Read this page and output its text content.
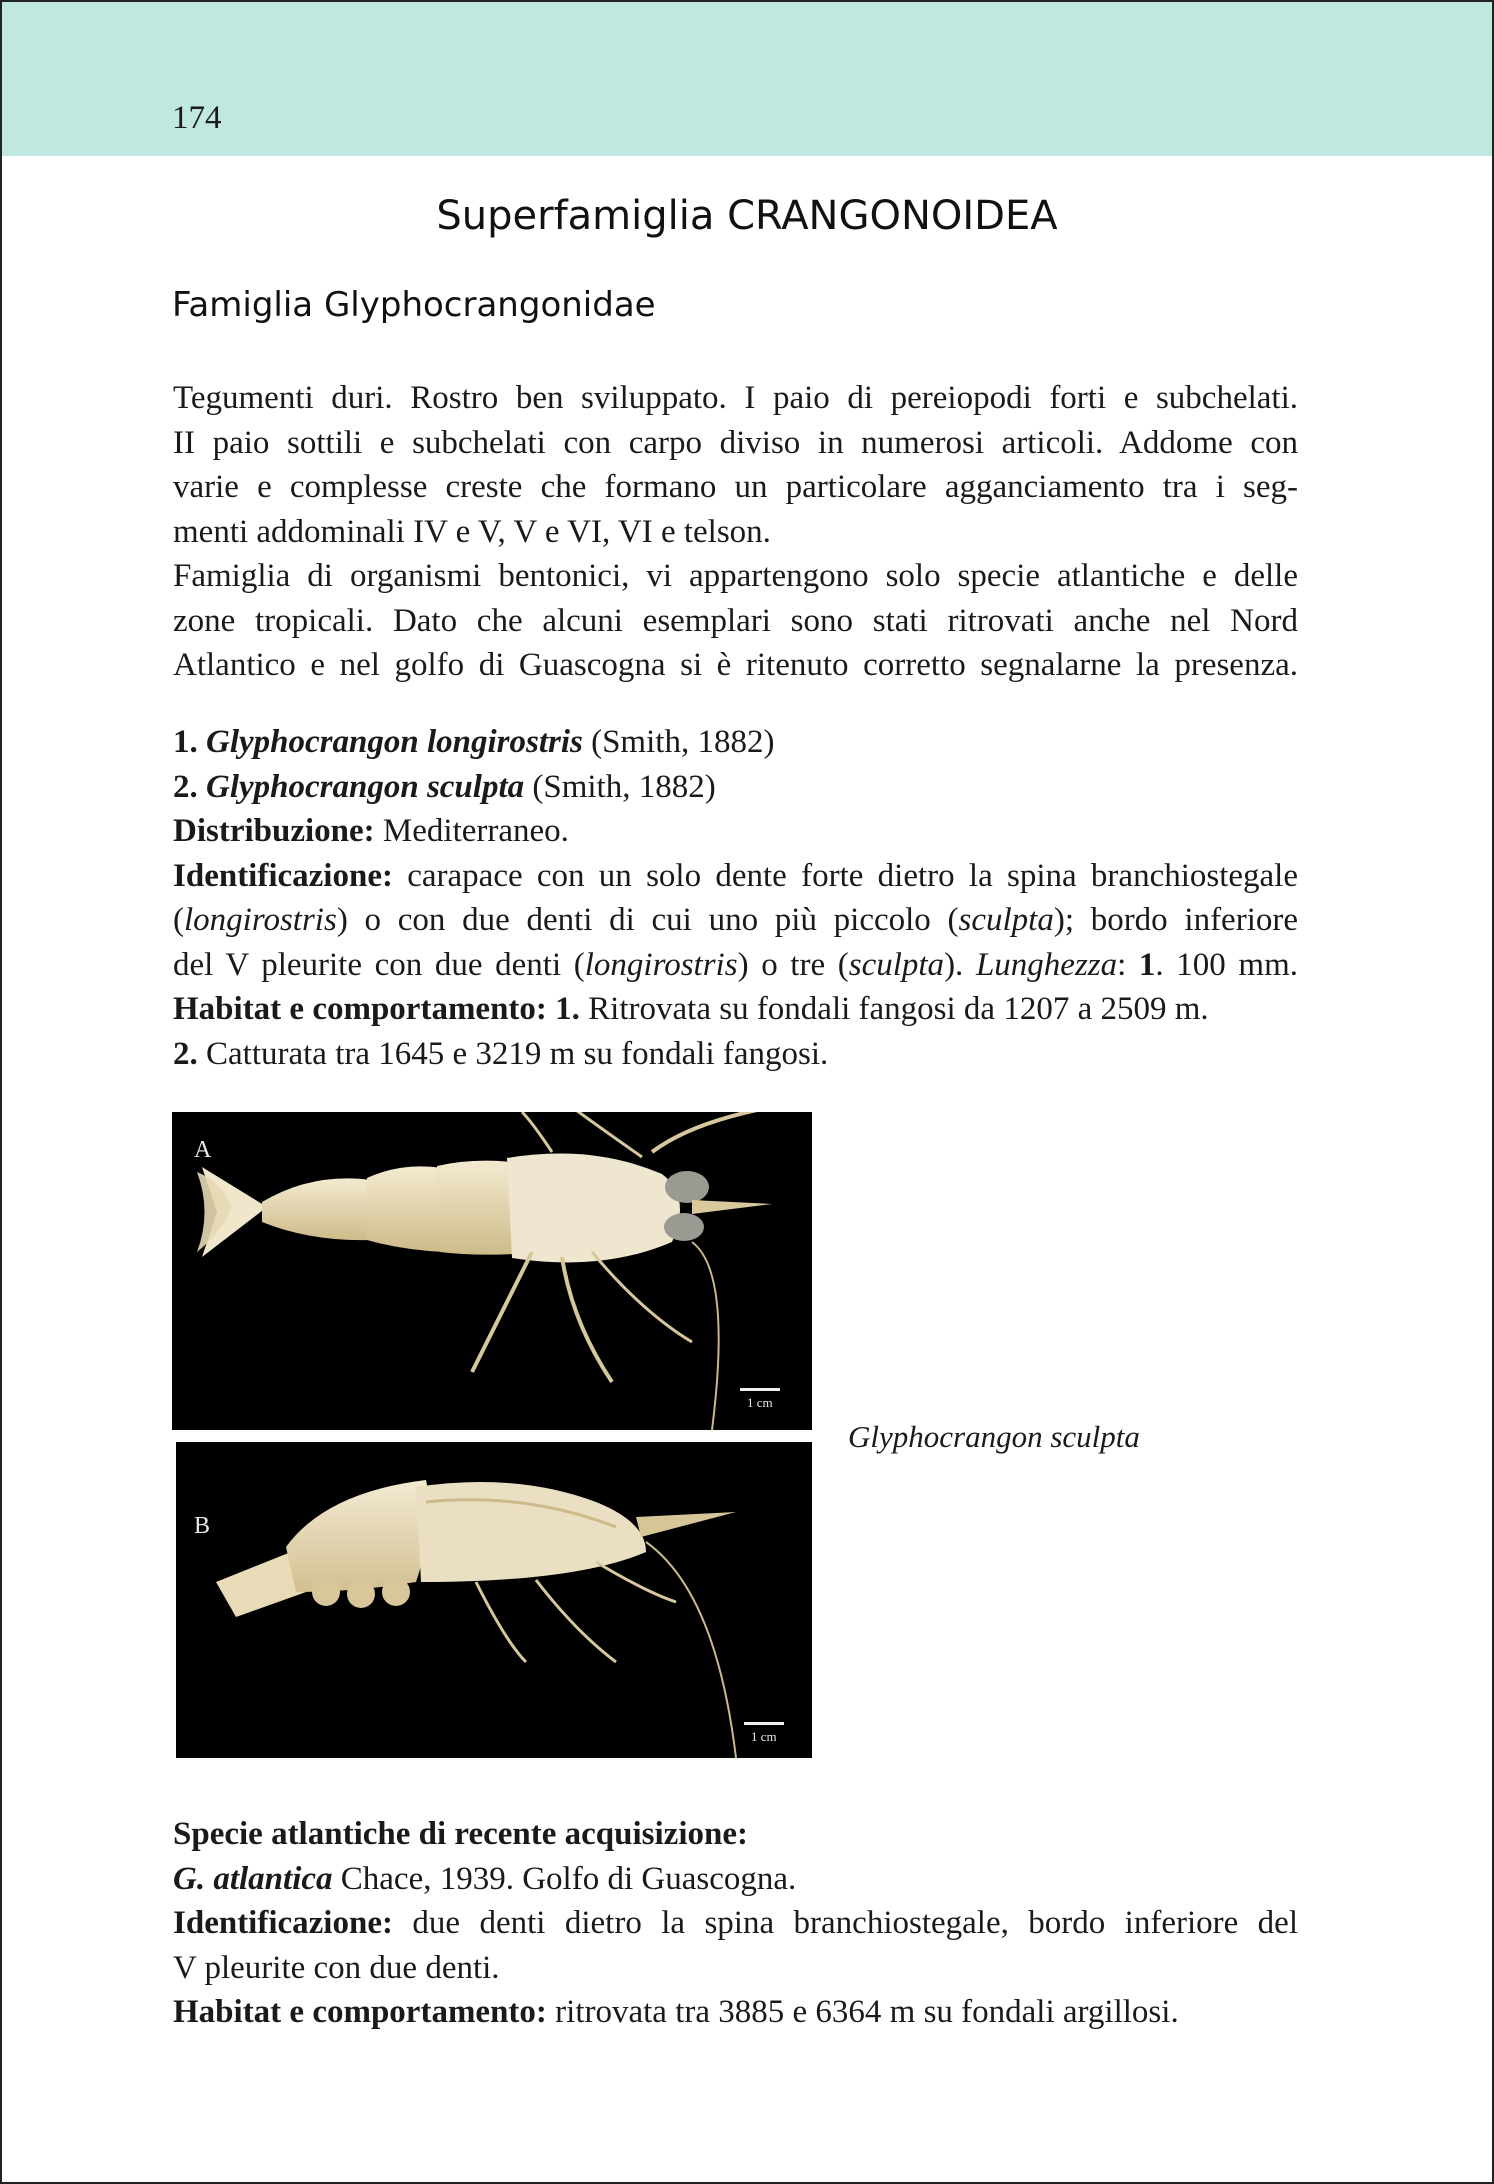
174
Superfamiglia CRANGONOIDEA
Famiglia Glyphocrangonidae
Tegumenti duri. Rostro ben sviluppato. I paio di pereiopodi forti e subchelati.
II paio sottili e subchelati con carpo diviso in numerosi articoli. Addome con
varie e complesse creste che formano un particolare agganciamento tra i seg-
menti addominali IV e V, V e VI, VI e telson.
Famiglia di organismi bentonici, vi appartengono solo specie atlantiche e delle
zone tropicali. Dato che alcuni esemplari sono stati ritrovati anche nel Nord
Atlantico e nel golfo di Guascogna si è ritenuto corretto segnalarne la presenza.
1. Glyphocrangon longirostris (Smith, 1882)
2. Glyphocrangon sculpta (Smith, 1882)
Distribuzione: Mediterraneo.
Identificazione: carapace con un solo dente forte dietro la spina branchiostegale
(longirostris) o con due denti di cui uno più piccolo (sculpta); bordo inferiore
del V pleurite con due denti (longirostris) o tre (sculpta). Lunghezza: 1. 100 mm.
Habitat e comportamento: 1. Ritrovata su fondali fangosi da 1207 a 2509 m.
2. Catturata tra 1645 e 3219 m su fondali fangosi.
A
1 cm
B
1 cm
Glyphocrangon sculpta
Specie atlantiche di recente acquisizione:
G. atlantica Chace, 1939. Golfo di Guascogna.
Identificazione: due denti dietro la spina branchiostegale, bordo inferiore del
V pleurite con due denti.
Habitat e comportamento: ritrovata tra 3885 e 6364 m su fondali argillosi.
